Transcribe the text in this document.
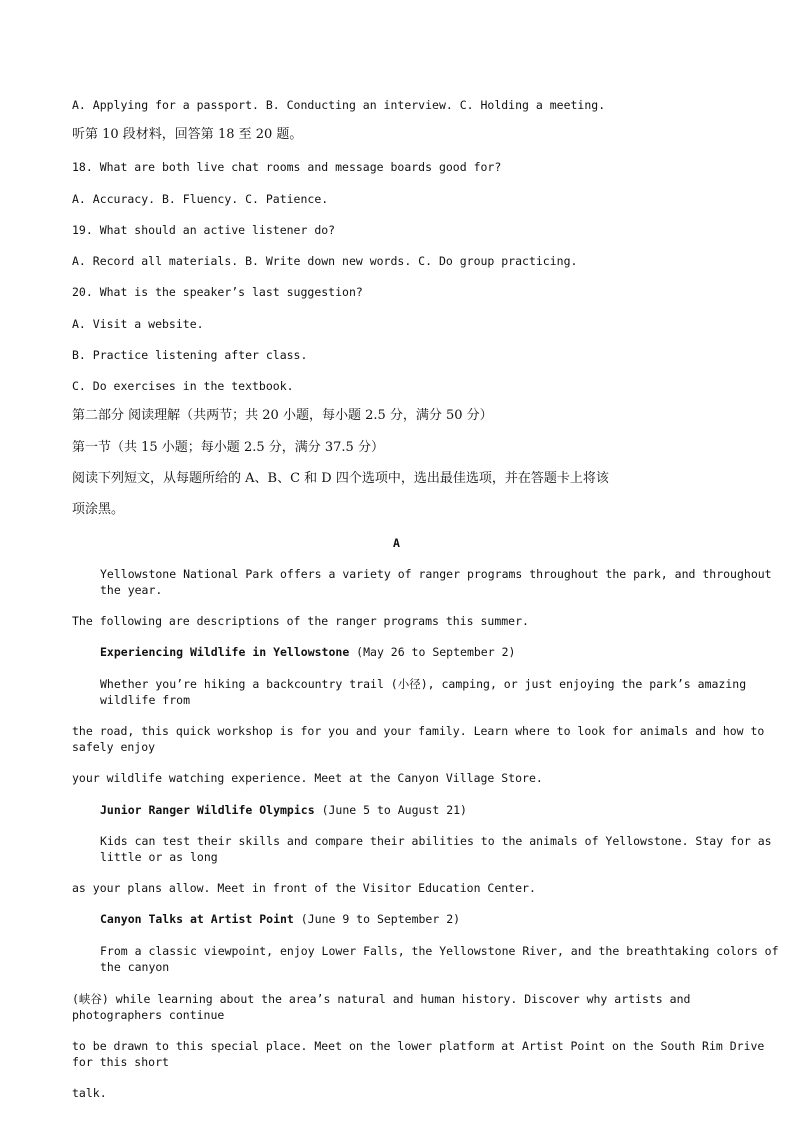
A. Applying for a passport. B. Conducting an interview. C. Holding a meeting.
听第 10 段材料，回答第 18 至 20 题。
18. What are both live chat rooms and message boards good for?
A. Accuracy. B. Fluency. C. Patience.
19. What should an active listener do?
A. Record all materials. B. Write down new words. C. Do group practicing.
20. What is the speaker’s last suggestion?
A. Visit a website.
B. Practice listening after class.
C. Do exercises in the textbook.
第二部分 阅读理解（共两节；共 20 小题，每小题 2.5 分，满分 50 分）
第一节（共 15 小题；每小题 2.5 分，满分 37.5 分）
阅读下列短文，从每题所给的 A、B、C 和 D 四个选项中，选出最佳选项，并在答题卡上将该
项涂黑。
A
Yellowstone National Park offers a variety of ranger programs throughout the park, and throughout the year.
The following are descriptions of the ranger programs this summer.
Experiencing Wildlife in Yellowstone (May 26 to September 2)
Whether you’re hiking a backcountry trail (小径), camping, or just enjoying the park’s amazing wildlife from
the road, this quick workshop is for you and your family. Learn where to look for animals and how to safely enjoy
your wildlife watching experience. Meet at the Canyon Village Store.
Junior Ranger Wildlife Olympics (June 5 to August 21)
Kids can test their skills and compare their abilities to the animals of Yellowstone. Stay for as little or as long
as your plans allow. Meet in front of the Visitor Education Center.
Canyon Talks at Artist Point (June 9 to September 2)
From a classic viewpoint, enjoy Lower Falls, the Yellowstone River, and the breathtaking colors of the canyon
(峡谷) while learning about the area’s natural and human history. Discover why artists and photographers continue
to be drawn to this special place. Meet on the lower platform at Artist Point on the South Rim Drive for this short
talk.
